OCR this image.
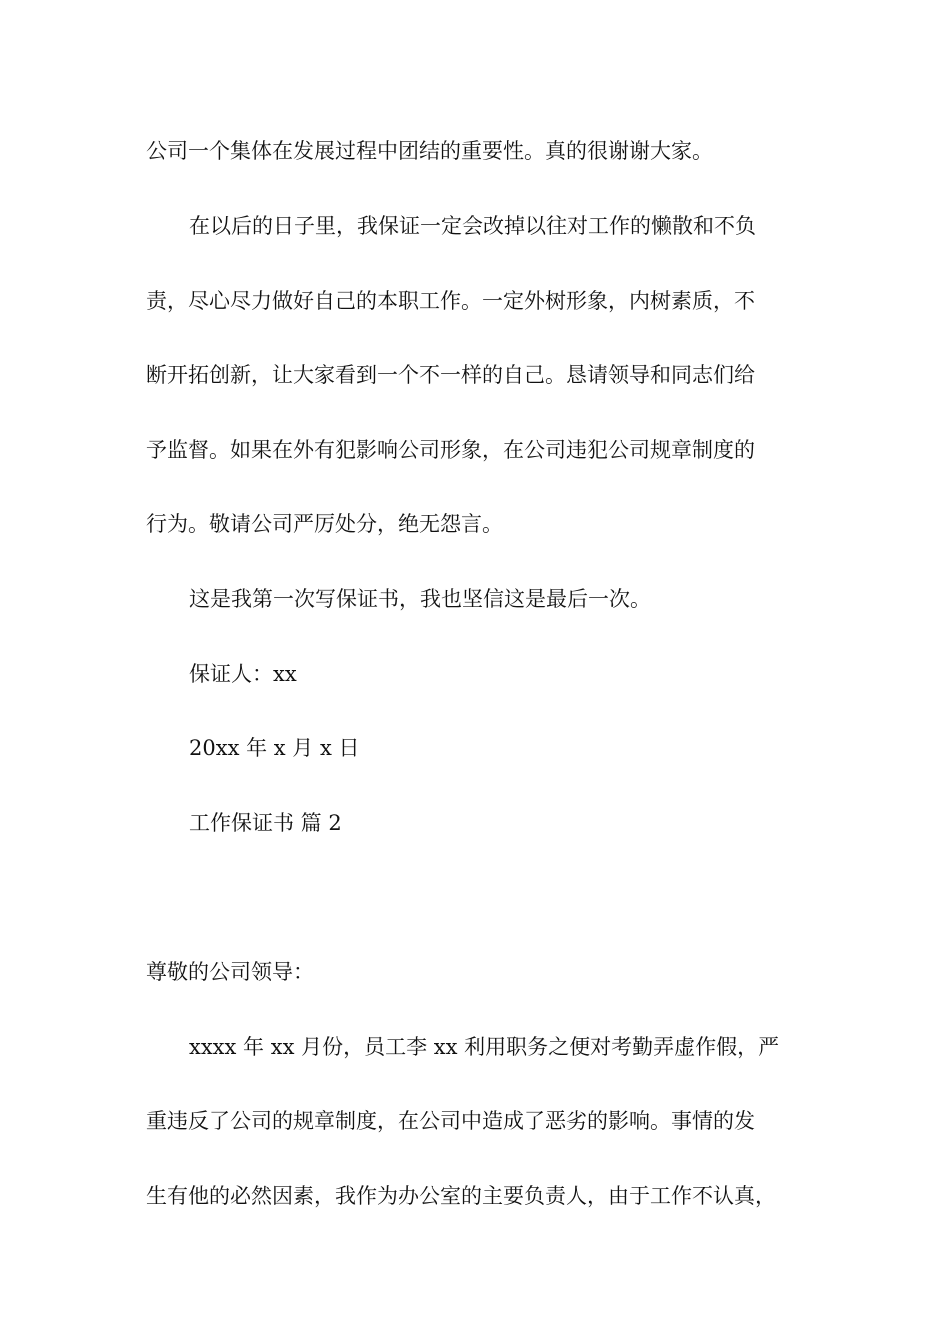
公司一个集体在发展过程中团结的重要性。真的很谢谢大家。
在以后的日子里，我保证一定会改掉以往对工作的懒散和不负
责，尽心尽力做好自己的本职工作。一定外树形象，内树素质，不
断开拓创新，让大家看到一个不一样的自己。恳请领导和同志们给
予监督。如果在外有犯影响公司形象，在公司违犯公司规章制度的
行为。敬请公司严厉处分，绝无怨言。
这是我第一次写保证书，我也坚信这是最后一次。
保证人：xx
20xx 年 x 月 x 日
工作保证书 篇 2
尊敬的公司领导：
xxxx 年 xx 月份，员工李 xx 利用职务之便对考勤弄虚作假，严
重违反了公司的规章制度，在公司中造成了恶劣的影响。事情的发
生有他的必然因素，我作为办公室的主要负责人，由于工作不认真，
